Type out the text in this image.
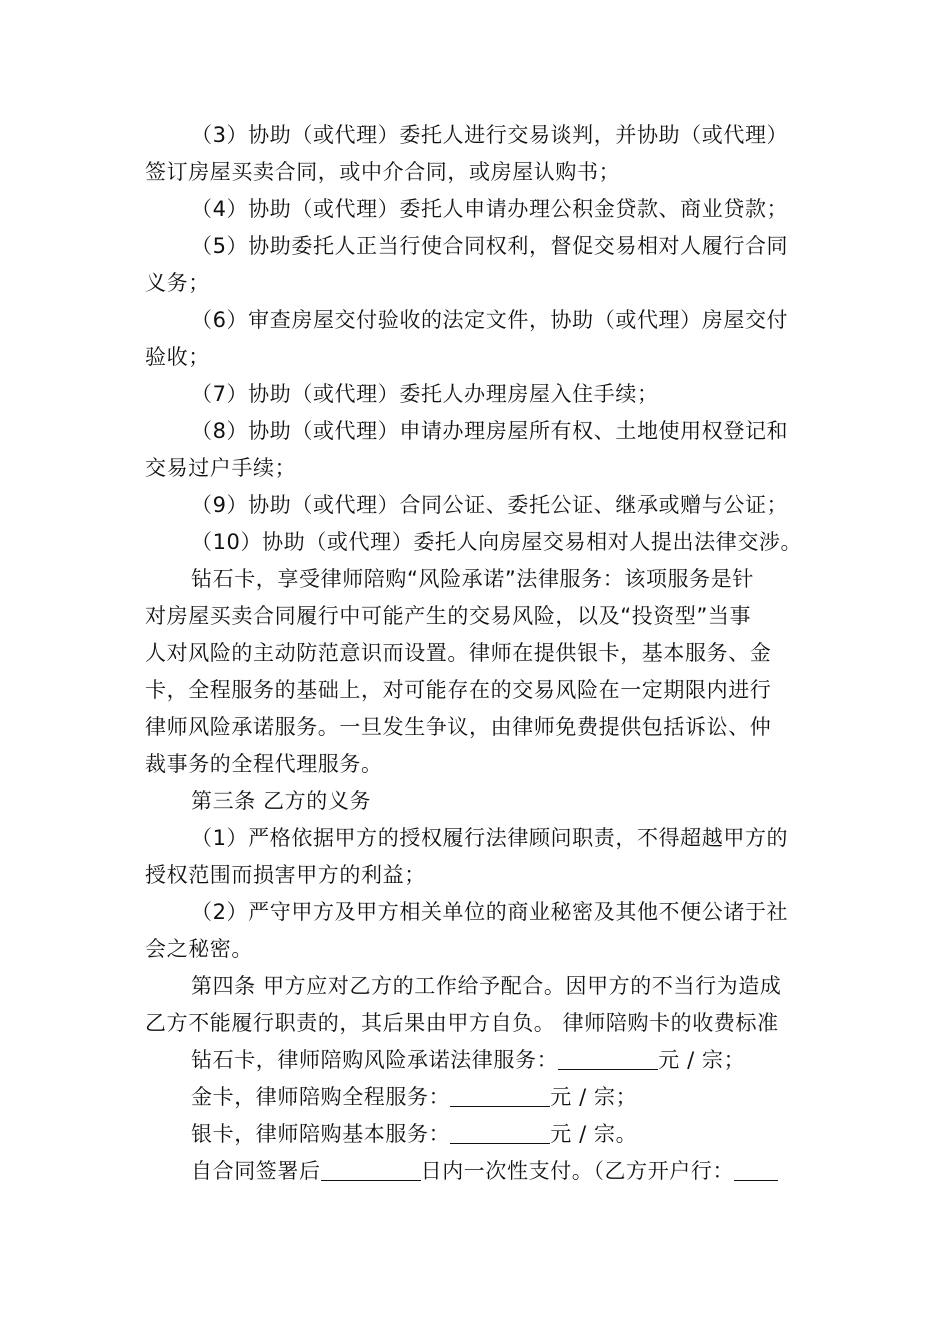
（3）协助（或代理）委托人进行交易谈判，并协助（或代理）
签订房屋买卖合同，或中介合同，或房屋认购书；
（4）协助（或代理）委托人申请办理公积金贷款、商业贷款；
（5）协助委托人正当行使合同权利，督促交易相对人履行合同
义务；
（6）审查房屋交付验收的法定文件，协助（或代理）房屋交付
验收；
（7）协助（或代理）委托人办理房屋入住手续；
（8）协助（或代理）申请办理房屋所有权、土地使用权登记和
交易过户手续；
（9）协助（或代理）合同公证、委托公证、继承或赠与公证；
（10）协助（或代理）委托人向房屋交易相对人提出法律交涉。
钻石卡，享受律师陪购“风险承诺”法律服务：该项服务是针
对房屋买卖合同履行中可能产生的交易风险，以及“投资型”当事
人对风险的主动防范意识而设置。律师在提供银卡，基本服务、金
卡，全程服务的基础上，对可能存在的交易风险在一定期限内进行
律师风险承诺服务。一旦发生争议，由律师免费提供包括诉讼、仲
裁事务的全程代理服务。
第三条 乙方的义务
（1）严格依据甲方的授权履行法律顾问职责，不得超越甲方的
授权范围而损害甲方的利益；
（2）严守甲方及甲方相关单位的商业秘密及其他不便公诸于社
会之秘密。
第四条 甲方应对乙方的工作给予配合。因甲方的不当行为造成
乙方不能履行职责的，其后果由甲方自负。 律师陪购卡的收费标准
钻石卡，律师陪购风险承诺法律服务：	元 / 宗；
金卡，律师陪购全程服务：	元 / 宗；
银卡，律师陪购基本服务：	元 / 宗。
自合同签署后	日内一次性支付。（乙方开户行：
